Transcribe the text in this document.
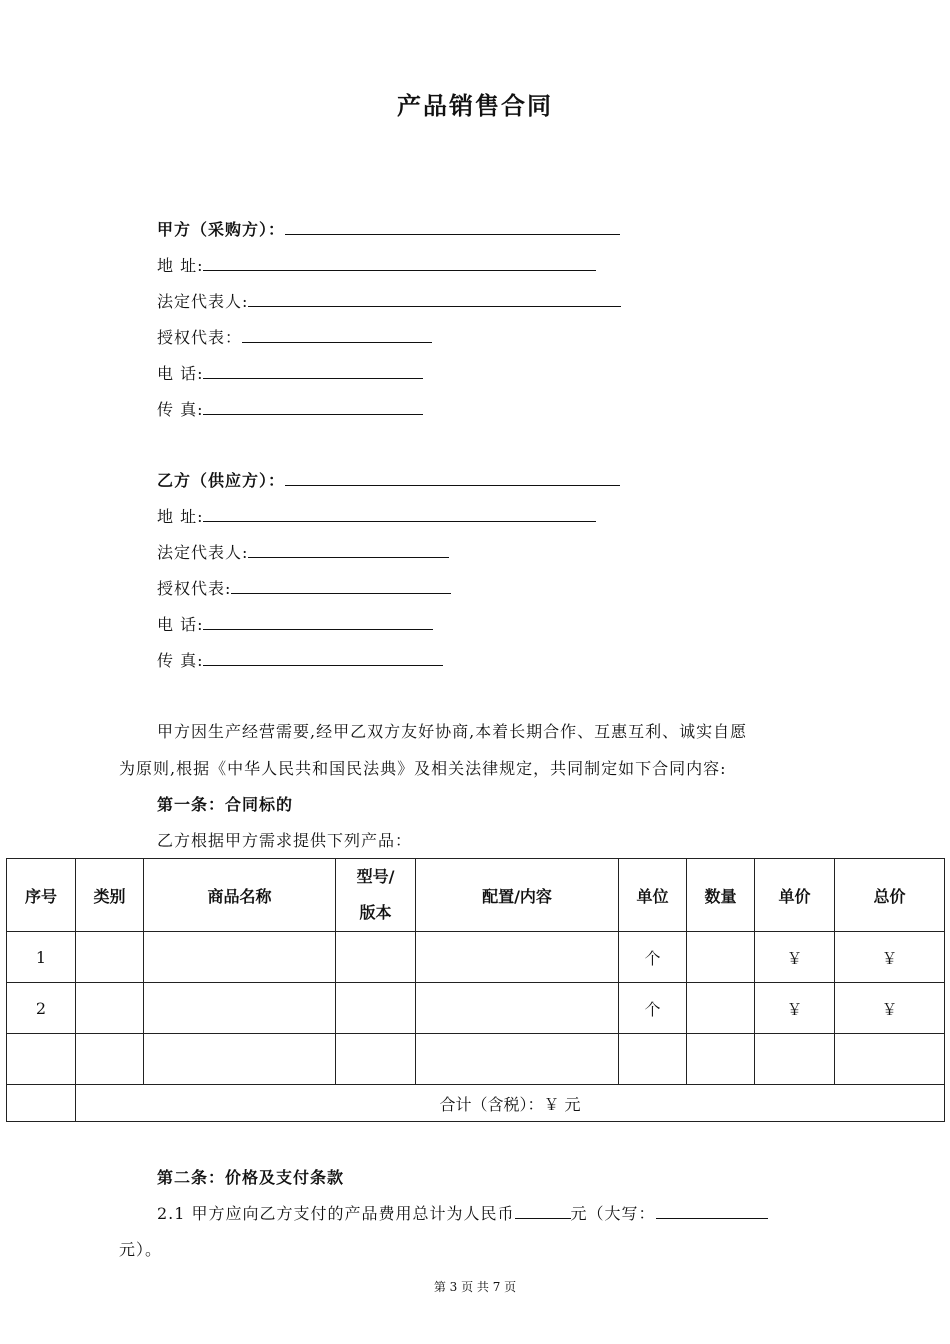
产品销售合同
甲方（采购方）：
地 址:
法定代表人:
授权代表：
电 话:
传 真:
乙方（供应方）：
地 址:
法定代表人:
授权代表:
电 话:
传 真:
甲方因生产经营需要,经甲乙双方友好协商,本着长期合作、互惠互利、诚实自愿
为原则,根据《中华人民共和国民法典》及相关法律规定，共同制定如下合同内容:
第一条：合同标的
乙方根据甲方需求提供下列产品：
序号	类别	商品名称	型号/
版本	配置/内容	单位	数量	单价	总价
1					个		￥	￥
2					个		￥	￥

	合计（含税）：￥ 元							
第二条：价格及支付条款
2.1 甲方应向乙方支付的产品费用总计为人民币	元（大写：
元）。
第 3 页 共 7 页
